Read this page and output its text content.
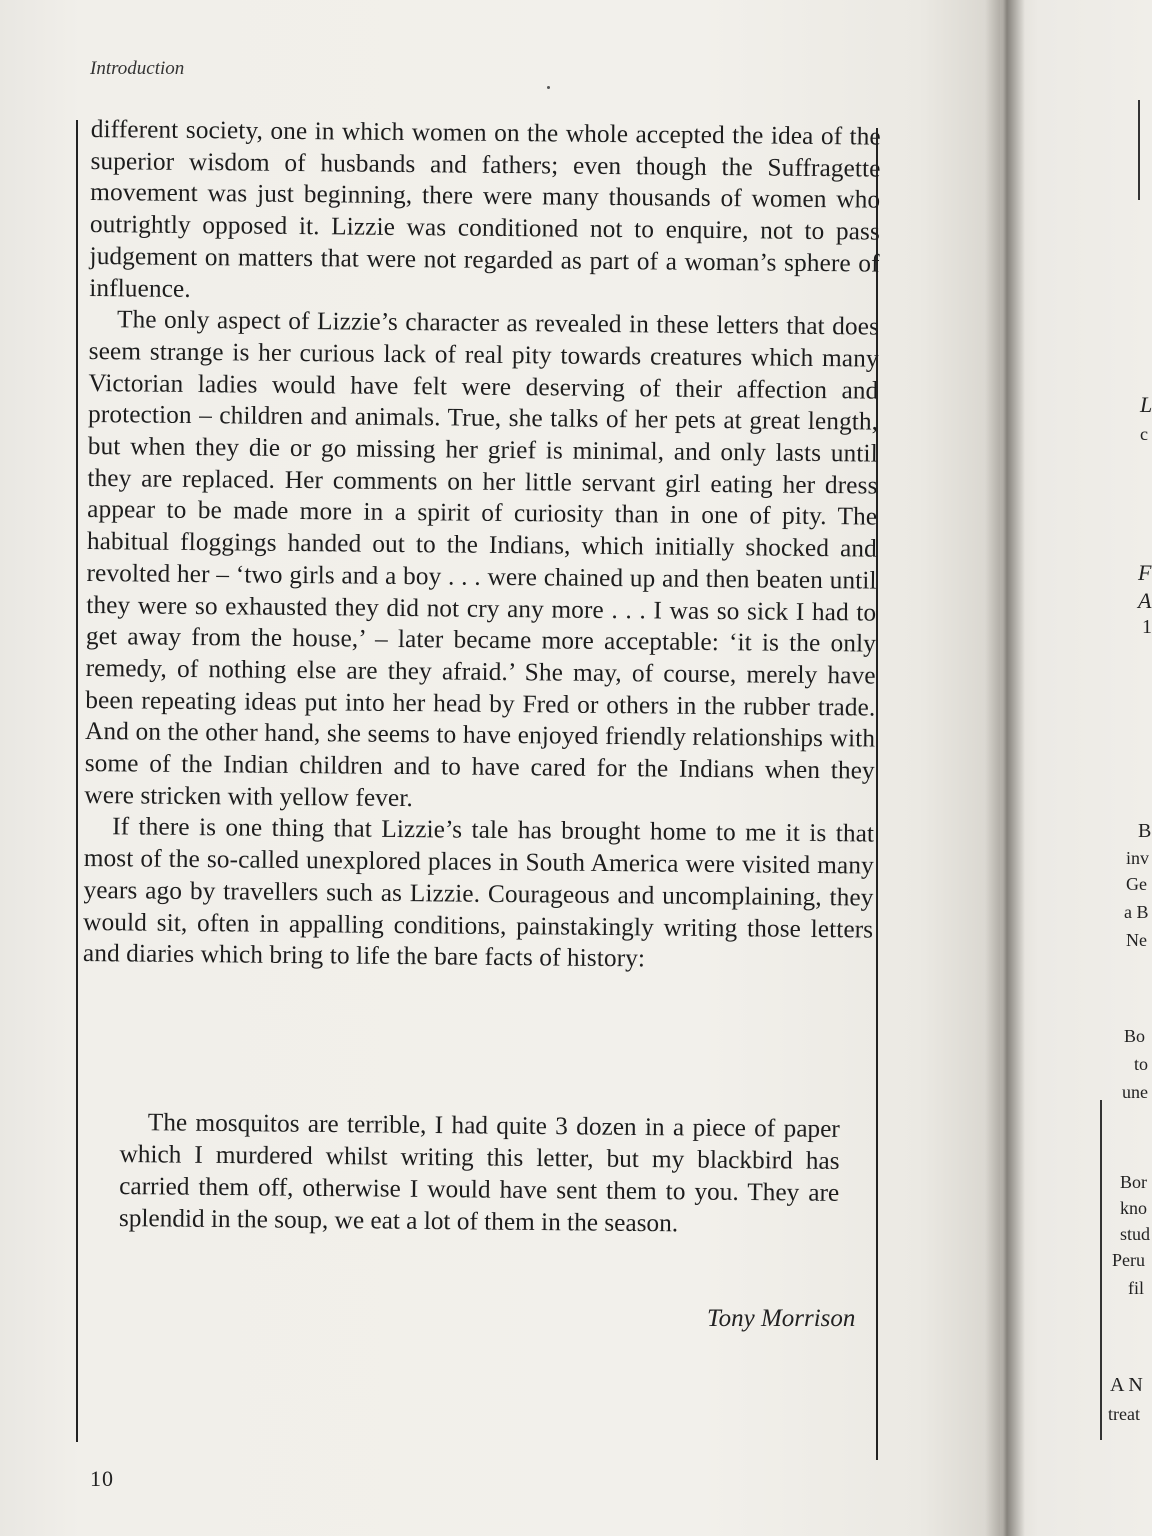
Introduction

different society, one in which women on the whole accepted the idea of the superior wisdom of husbands and fathers; even though the Suffragette movement was just beginning, there were many thousands of women who outrightly opposed it. Lizzie was conditioned not to enquire, not to pass judgement on matters that were not regarded as part of a woman’s sphere of influence.

The only aspect of Lizzie’s character as revealed in these letters that does seem strange is her curious lack of real pity towards creatures which many Victorian ladies would have felt were deserving of their affection and protection – children and animals. True, she talks of her pets at great length, but when they die or go missing her grief is minimal, and only lasts until they are replaced. Her comments on her little servant girl eating her dress appear to be made more in a spirit of curiosity than in one of pity. The habitual floggings handed out to the Indians, which initially shocked and revolted her – ‘two girls and a boy . . . were chained up and then beaten until they were so exhausted they did not cry any more . . . I was so sick I had to get away from the house,’ – later became more acceptable: ‘it is the only remedy, of nothing else are they afraid.’ She may, of course, merely have been repeating ideas put into her head by Fred or others in the rubber trade. And on the other hand, she seems to have enjoyed friendly relationships with some of the Indian children and to have cared for the Indians when they were stricken with yellow fever.

If there is one thing that Lizzie’s tale has brought home to me it is that most of the so-called unexplored places in South America were visited many years ago by travellers such as Lizzie. Courageous and uncomplaining, they would sit, often in appalling conditions, painstakingly writing those letters and diaries which bring to life the bare facts of history:

The mosquitos are terrible, I had quite 3 dozen in a piece of paper which I murdered whilst writing this letter, but my blackbird has carried them off, otherwise I would have sent them to you. They are splendid in the soup, we eat a lot of them in the season.

Tony Morrison
10
L
c
F
A
1
B
inv
Ge
a B
Ne
Bo
to
une
Bor
kno
stud
Peru
fil
A N
treat
